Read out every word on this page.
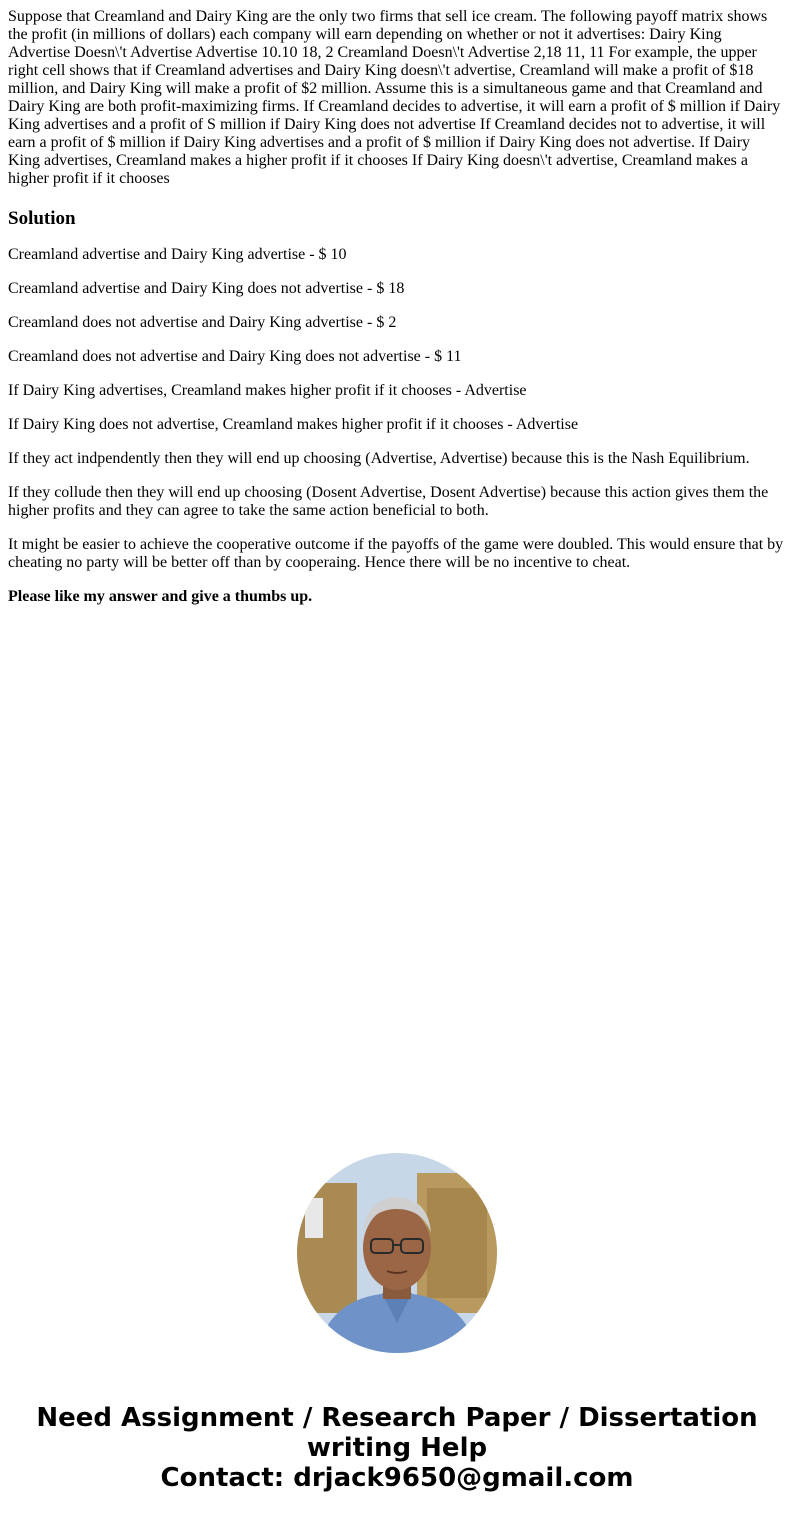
Suppose that Creamland and Dairy King are the only two firms that sell ice cream. The following payoff matrix shows the profit (in millions of dollars) each company will earn depending on whether or not it advertises: Dairy King Advertise Doesn\'t Advertise Advertise 10.10 18, 2 Creamland Doesn\'t Advertise 2,18 11, 11 For example, the upper right cell shows that if Creamland advertises and Dairy King doesn\'t advertise, Creamland will make a profit of $18 million, and Dairy King will make a profit of $2 million. Assume this is a simultaneous game and that Creamland and Dairy King are both profit-maximizing firms. If Creamland decides to advertise, it will earn a profit of $ million if Dairy King advertises and a profit of S million if Dairy King does not advertise If Creamland decides not to advertise, it will earn a profit of $ million if Dairy King advertises and a profit of $ million if Dairy King does not advertise. If Dairy King advertises, Creamland makes a higher profit if it chooses If Dairy King doesn\'t advertise, Creamland makes a higher profit if it chooses

Solution

Creamland advertise and Dairy King advertise - $ 10

Creamland advertise and Dairy King does not advertise - $ 18

Creamland does not advertise and Dairy King advertise - $ 2

Creamland does not advertise and Dairy King does not advertise - $ 11

If Dairy King advertises, Creamland makes higher profit if it chooses - Advertise

If Dairy King does not advertise, Creamland makes higher profit if it chooses - Advertise

If they act indpendently then they will end up choosing (Advertise, Advertise) because this is the Nash Equilibrium.

If they collude then they will end up choosing (Dosent Advertise, Dosent Advertise) because this action gives them the higher profits and they can agree to take the same action beneficial to both.

It might be easier to achieve the cooperative outcome if the payoffs of the game were doubled. This would ensure that by cheating no party will be better off than by cooperaing. Hence there will be no incentive to cheat.

Please like my answer and give a thumbs up.

Need Assignment / Research Paper / Dissertation
writing Help
Contact: drjack9650@gmail.com
